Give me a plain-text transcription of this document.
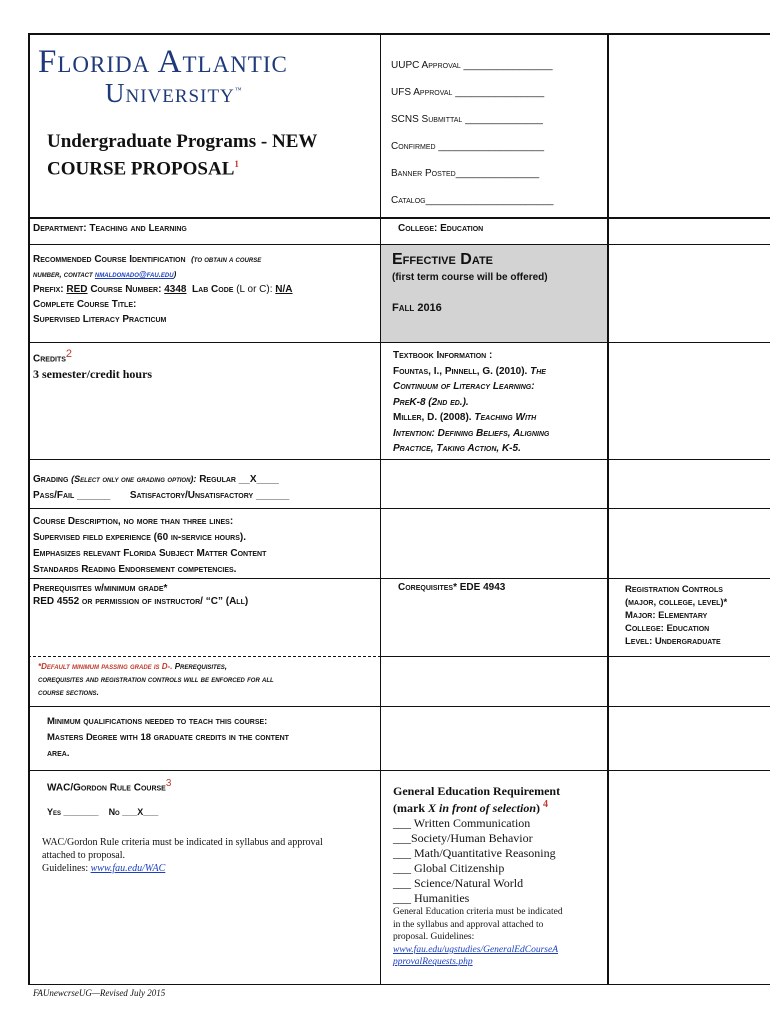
Florida Atlantic
University™
Undergraduate Programs - NEW
COURSE PROPOSAL$^1$
UUPC Approval ________________
UFS Approval ________________
SCNS Submittal ______________
Confirmed ___________________
Banner Posted_______________
Catalog_______________________
Department: Teaching and Learning	College: Education
Recommended Course Identification (to obtain a course
number, contact nmaldonado@fau.edu)
Prefix: RED Course Number: 4348 Lab Code (L or C): N/A
Complete Course Title:
Supervised Literacy Practicum
Effective Date
(first term course will be offered)
Fall 2016
Credits2
3 semester/credit hours
Textbook Information :
Fountas, I., Pinnell, G. (2010). The
Continuum of Literacy Learning:
PreK-8 (2nd ed.).
Miller, D. (2008). Teaching With
Intention: Defining Beliefs, Aligning
Practice, Taking Action, K-5.
Grading (Select only one grading option): Regular __X____
Pass/Fail ______ Satisfactory/Unsatisfactory ______
Course Description, no more than three lines:
Supervised field experience (60 in-service hours).
Emphasizes relevant Florida Subject Matter Content
Standards Reading Endorsement competencies.
Prerequisites w/minimum grade*
RED 4552 or permission of instructor/ “C” (All)
Corequisites* EDE 4943	Registration Controls
(major, college, level)*
Major: Elementary
College: Education
Level: Undergraduate
*Default minimum passing grade is D-. Prerequisites,
corequisites and registration controls will be enforced for all
course sections.
Minimum qualifications needed to teach this course:
Masters Degree with 18 graduate credits in the content
area.
WAC/Gordon Rule Course3
Yes _______ No ___X___
WAC/Gordon Rule criteria must be indicated in syllabus and approval
attached to proposal.
Guidelines: www.fau.edu/WAC
General Education Requirement
(mark X in front of selection) $^4$
___ Written Communication
___Society/Human Behavior
___ Math/Quantitative Reasoning
___ Global Citizenship
___ Science/Natural World
___ Humanities
General Education criteria must be indicated
in the syllabus and approval attached to
proposal. Guidelines:
www.fau.edu/ugstudies/GeneralEdCourseA
pprovalRequests.php
FAUnewcrseUG—Revised July 2015
